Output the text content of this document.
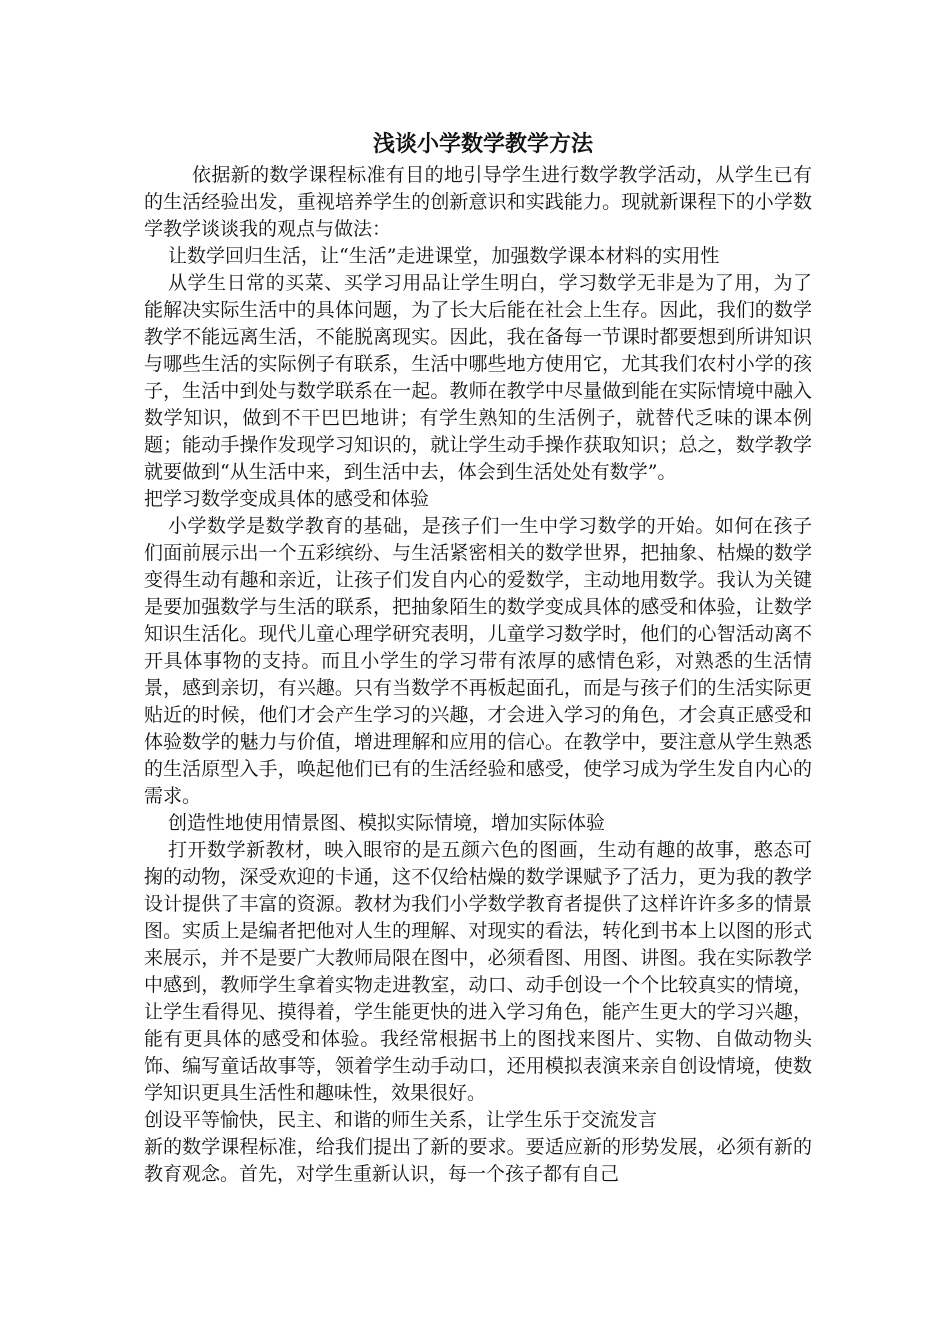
浅谈小学数学教学方法

依据新的数学课程标准有目的地引导学生进行数学教学活动，从学生已有的生活经验出发，重视培养学生的创新意识和实践能力。现就新课程下的小学数学教学谈谈我的观点与做法：

让数学回归生活，让“生活”走进课堂，加强数学课本材料的实用性

从学生日常的买菜、买学习用品让学生明白，学习数学无非是为了用，为了能解决实际生活中的具体问题，为了长大后能在社会上生存。因此，我们的数学教学不能远离生活，不能脱离现实。因此，我在备每一节课时都要想到所讲知识与哪些生活的实际例子有联系，生活中哪些地方使用它，尤其我们农村小学的孩子，生活中到处与数学联系在一起。教师在教学中尽量做到能在实际情境中融入数学知识，做到不干巴巴地讲；有学生熟知的生活例子，就替代乏味的课本例题；能动手操作发现学习知识的，就让学生动手操作获取知识；总之，数学教学就要做到“从生活中来，到生活中去，体会到生活处处有数学”。

把学习数学变成具体的感受和体验

小学数学是数学教育的基础，是孩子们一生中学习数学的开始。如何在孩子们面前展示出一个五彩缤纷、与生活紧密相关的数学世界，把抽象、枯燥的数学变得生动有趣和亲近，让孩子们发自内心的爱数学，主动地用数学。我认为关键是要加强数学与生活的联系，把抽象陌生的数学变成具体的感受和体验，让数学知识生活化。现代儿童心理学研究表明，儿童学习数学时，他们的心智活动离不开具体事物的支持。而且小学生的学习带有浓厚的感情色彩，对熟悉的生活情景，感到亲切，有兴趣。只有当数学不再板起面孔，而是与孩子们的生活实际更贴近的时候，他们才会产生学习的兴趣，才会进入学习的角色，才会真正感受和体验数学的魅力与价值，增进理解和应用的信心。在教学中，要注意从学生熟悉的生活原型入手，唤起他们已有的生活经验和感受，使学习成为学生发自内心的需求。

创造性地使用情景图、模拟实际情境，增加实际体验

打开数学新教材，映入眼帘的是五颜六色的图画，生动有趣的故事，憨态可掬的动物，深受欢迎的卡通，这不仅给枯燥的数学课赋予了活力，更为我的教学设计提供了丰富的资源。教材为我们小学数学教育者提供了这样许许多多的情景图。实质上是编者把他对人生的理解、对现实的看法，转化到书本上以图的形式来展示，并不是要广大教师局限在图中，必须看图、用图、讲图。我在实际教学中感到，教师学生拿着实物走进教室，动口、动手创设一个个比较真实的情境，让学生看得见、摸得着，学生能更快的进入学习角色，能产生更大的学习兴趣，能有更具体的感受和体验。我经常根据书上的图找来图片、实物、自做动物头饰、编写童话故事等，领着学生动手动口，还用模拟表演来亲自创设情境，使数学知识更具生活性和趣味性，效果很好。

创设平等愉快，民主、和谐的师生关系，让学生乐于交流发言

新的数学课程标准，给我们提出了新的要求。要适应新的形势发展，必须有新的教育观念。首先，对学生重新认识，每一个孩子都有自己
